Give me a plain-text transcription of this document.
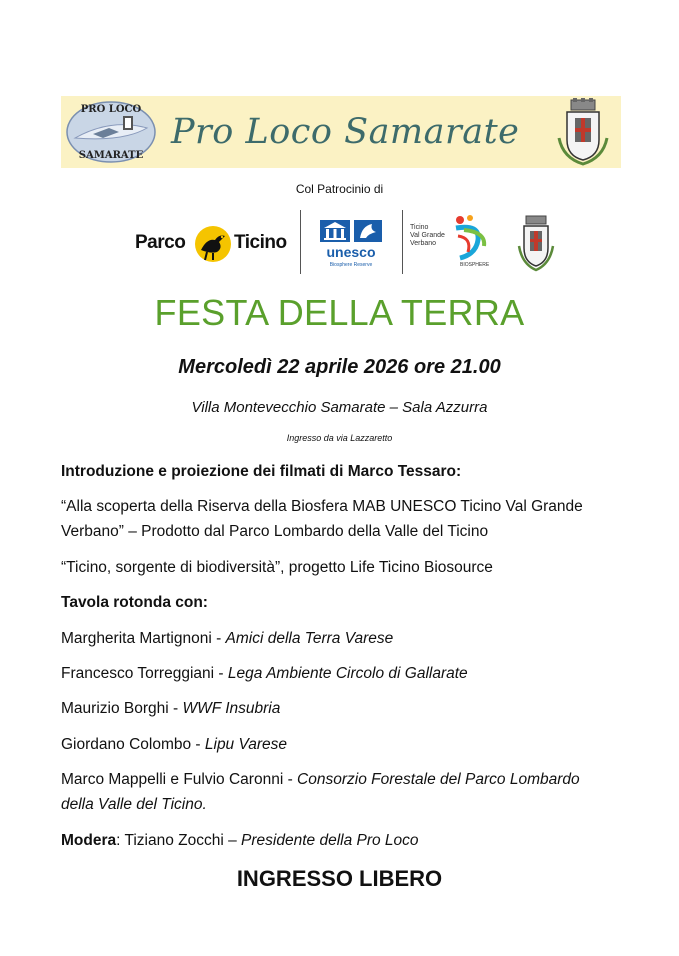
PRO LOCO
SAMARATE
Pro Loco Samarate
Col Patrocinio di
Parco	Ticino	unesco
Biosphere Reserve
Ticino
Val Grande
Verbano
BIOSPHERE
FESTA DELLA TERRA
Mercoledì 22 aprile 2026 ore 21.00
Villa Montevecchio Samarate – Sala Azzurra
Ingresso da via Lazzaretto
Introduzione e proiezione dei filmati di Marco Tessaro:
“Alla scoperta della Riserva della Biosfera MAB UNESCO Ticino Val Grande
Verbano” – Prodotto dal Parco Lombardo della Valle del Ticino
“Ticino, sorgente di biodiversità”, progetto Life Ticino Biosource
Tavola rotonda con:
Margherita Martignoni - Amici della Terra Varese
Francesco Torreggiani - Lega Ambiente Circolo di Gallarate
Maurizio Borghi - WWF Insubria
Giordano Colombo - Lipu Varese
Marco Mappelli e Fulvio Caronni - Consorzio Forestale del Parco Lombardo
della Valle del Ticino.
Modera: Tiziano Zocchi – Presidente della Pro Loco
INGRESSO LIBERO
